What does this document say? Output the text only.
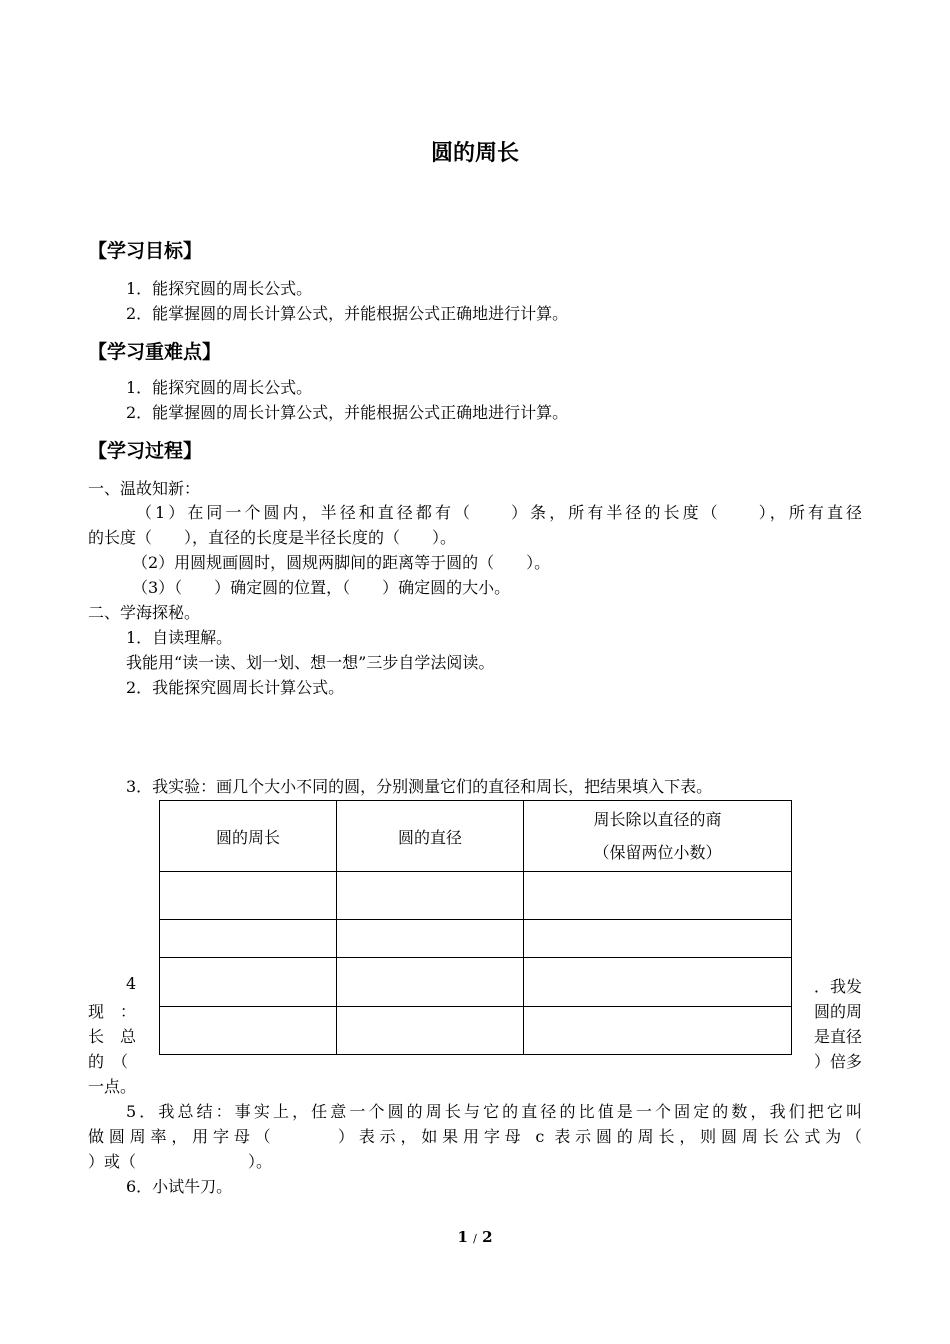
圆的周长
【学习目标】
1．能探究圆的周长公式。
2．能掌握圆的周长计算公式，并能根据公式正确地进行计算。
【学习重难点】
1．能探究圆的周长公式。
2．能掌握圆的周长计算公式，并能根据公式正确地进行计算。
【学习过程】
一、温故知新：
（1）在同一个圆内，半径和直径都有（　　）条，所有半径的长度（　　），所有直径
的长度（　　），直径的长度是半径长度的（　　）。
（2）用圆规画圆时，圆规两脚间的距离等于圆的（　　）。
（3）（　　）确定圆的位置，（　　）确定圆的大小。
二、学海探秘。
1．自读理解。
我能用“读一读、划一划、想一想”三步自学法阅读。
2．我能探究圆周长计算公式。
3．我实验：画几个大小不同的圆，分别测量它们的直径和周长，把结果填入下表。
圆的周长	圆的直径	周长除以直径的商
（保留两位小数）

4
现　：
长　总
的　（
．我发
圆的周
是直径
）倍多
一点。
5．我总结：事实上，任意一个圆的周长与它的直径的比值是一个固定的数，我们把它叫
做圆周率，用字母（　　　）表示，如果用字母 c 表示圆的周长，则圆周长公式为（
）或（　　　　　　　）。
6．小试牛刀。
1 / 2
